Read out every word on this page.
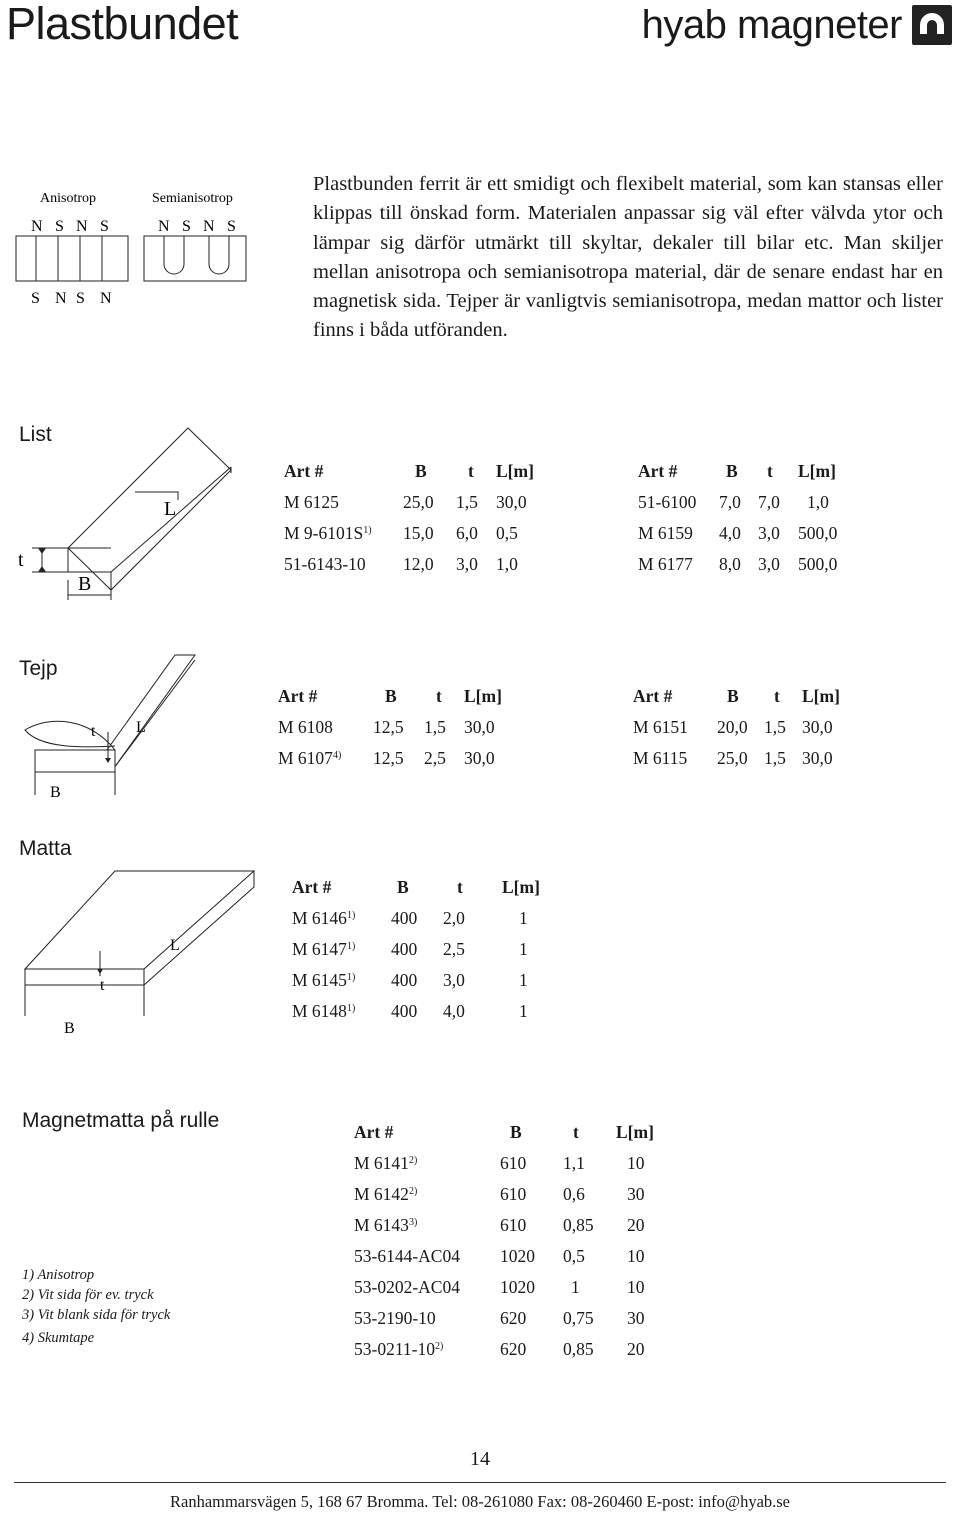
Plastbundet	hyab magneter
Anisotrop	Semianisotrop
N S N S
S N S N
N S N S
Plastbunden ferrit är ett smidigt och flexibelt material, som kan stansas eller klippas till önskad form. Materialen anpassar sig väl efter välvda ytor och lämpar sig därför utmärkt till skyltar, dekaler till bilar etc. Man skiljer mellan anisotropa och semianisotropa material, där de senare endast har en magnetisk sida. Tejper är vanligtvis semianisotropa, medan mattor och lister finns i båda utföranden.
List
t
B
L
Art #	B	t	L[m]
M 6125	25,0	1,5	30,0
M $9-6101S^{1)}$	15,0	6,0	0,5
51-6143-10	12,0	3,0	1,0
Art #	B	t	L[m]
51-6100	7,0	7,0	1,0
M 6159	4,0	3,0	500,0
M 6177	8,0	3,0	500,0
Tejp
t	L
B
Art #	B	t	L[m]
M 6108	12,5	1,5	30,0
M 6107$^{4)}$	12,5	2,5	30,0
Art #	B	t	L[m]
M 6151	20,0	1,5	30,0
M 6115	25,0	1,5	30,0
Matta
t
L
B
Art #	B	t	L[m]
M 6146$^{1)}$	400	2,0	1
M 6147$^{1)}$	400	2,5	1
M 6145$^{1)}$	400	3,0	1
M 6148$^{1)}$	400	4,0	1
Magnetmatta på rulle	Art #	B	t	L[m]
M 6141$^{2)}$	610	1,1	10
M 6142$^{2)}$	610	0,6	30
M 6143$^{3)}$	610	0,85	20
53-6144-AC04	1020	0,5	10
53-0202-AC04	1020	1	10
53-2190-10	620	0,75	30
53-0211-10$^{2)}$	620	0,85	20
1) Anisotrop
2) Vit sida för ev. tryck
3) Vit blank sida för tryck
4) Skumtape
14
Ranhammarsvägen 5, 168 67 Bromma. Tel: 08-261080 Fax: 08-260460 E-post: info@hyab.se
